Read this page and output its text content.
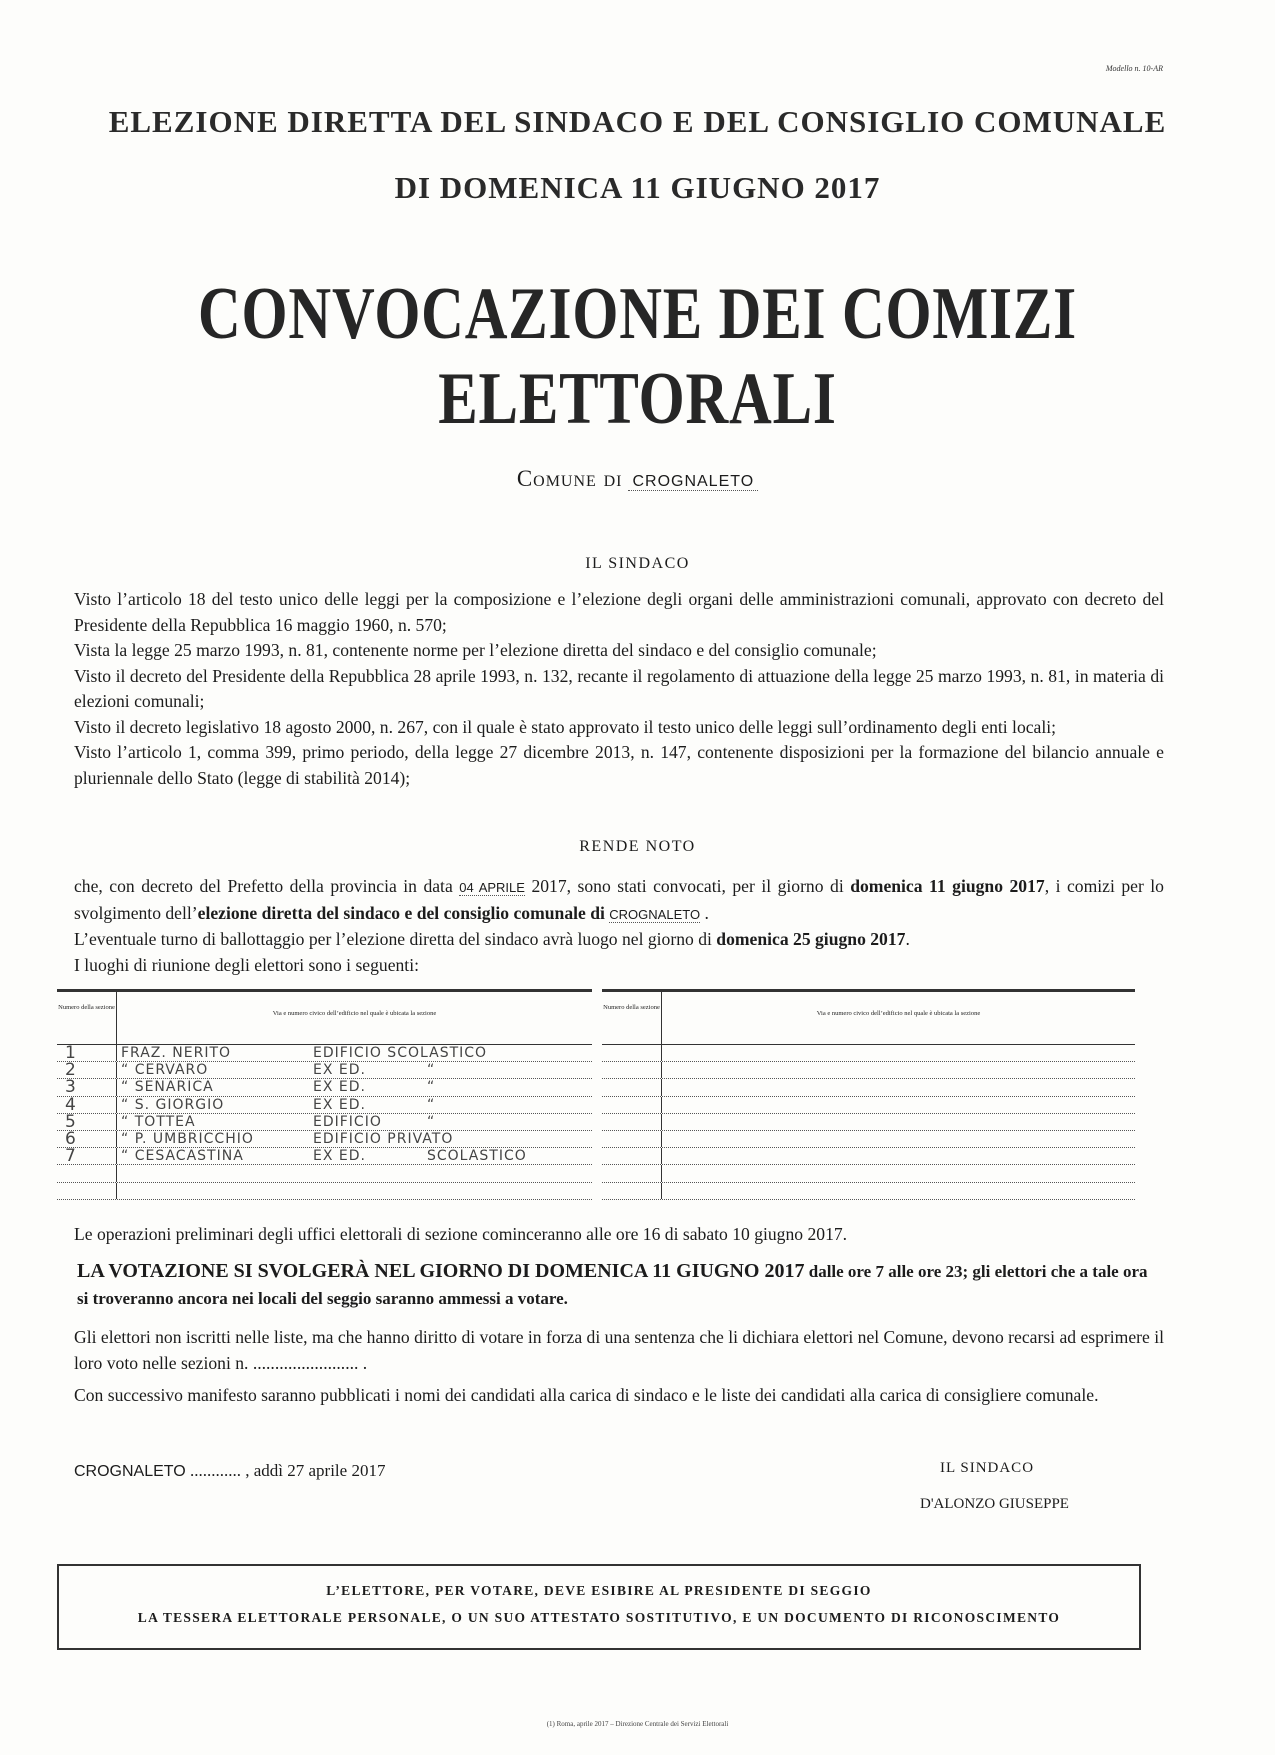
Modello n. 10-AR
ELEZIONE DIRETTA DEL SINDACO E DEL CONSIGLIO COMUNALE
DI DOMENICA 11 GIUGNO 2017
CONVOCAZIONE DEI COMIZI ELETTORALI
Comune di CROGNALETO
IL SINDACO

Visto l’articolo 18 del testo unico delle leggi per la composizione e l’elezione degli organi delle amministrazioni comunali, approvato con decreto del Presidente della Repubblica 16 maggio 1960, n. 570;

Vista la legge 25 marzo 1993, n. 81, contenente norme per l’elezione diretta del sindaco e del consiglio comunale;

Visto il decreto del Presidente della Repubblica 28 aprile 1993, n. 132, recante il regolamento di attuazione della legge 25 marzo 1993, n. 81, in materia di elezioni comunali;

Visto il decreto legislativo 18 agosto 2000, n. 267, con il quale è stato approvato il testo unico delle leggi sull’ordinamento degli enti locali;

Visto l’articolo 1, comma 399, primo periodo, della legge 27 dicembre 2013, n. 147, contenente disposizioni per la formazione del bilancio annuale e pluriennale dello Stato (legge di stabilità 2014);

RENDE NOTO

che, con decreto del Prefetto della provincia in data 04 APRILE 2017, sono stati convocati, per il giorno di domenica 11 giugno 2017, i comizi per lo svolgimento dell’elezione diretta del sindaco e del consiglio comunale di CROGNALETO .

L’eventuale turno di ballottaggio per l’elezione diretta del sindaco avrà luogo nel giorno di domenica 25 giugno 2017.

I luoghi di riunione degli elettori sono i seguenti:

Numero della sezione
Via e numero civico dell’edificio nel quale è ubicata la sezione
1	FRAZ. NERITO	EDIFICIO SCOLASTICO
2	“ CERVARO	EX ED.	“
3	“ SENARICA	EX ED.	“
4	“ S. GIORGIO	EX ED.	“
5	“ TOTTEA	EDIFICIO	“
6	“ P. UMBRICCHIO	EDIFICIO PRIVATO
7	“ CESACASTINA	EX ED.	SCOLASTICO
Numero della sezione
Via e numero civico dell’edificio nel quale è ubicata la sezione
Le operazioni preliminari degli uffici elettorali di sezione cominceranno alle ore 16 di sabato 10 giugno 2017.
LA VOTAZIONE SI SVOLGERÀ NEL GIORNO DI DOMENICA 11 GIUGNO 2017 dalle ore 7 alle ore 23; gli elettori che a tale ora si troveranno ancora nei locali del seggio saranno ammessi a votare.
Gli elettori non iscritti nelle liste, ma che hanno diritto di votare in forza di una sentenza che li dichiara elettori nel Comune, devono recarsi ad esprimere il loro voto nelle sezioni n. ........................ .
Con successivo manifesto saranno pubblicati i nomi dei candidati alla carica di sindaco e le liste dei candidati alla carica di consigliere comunale.
CROGNALETO ............ , addì 27 aprile 2017	IL SINDACO
D'ALONZO GIUSEPPE
L’ELETTORE, PER VOTARE, DEVE ESIBIRE AL PRESIDENTE DI SEGGIO
LA TESSERA ELETTORALE PERSONALE, O UN SUO ATTESTATO SOSTITUTIVO, E UN DOCUMENTO DI RICONOSCIMENTO
(1) Roma, aprile 2017 – Direzione Centrale dei Servizi Elettorali
